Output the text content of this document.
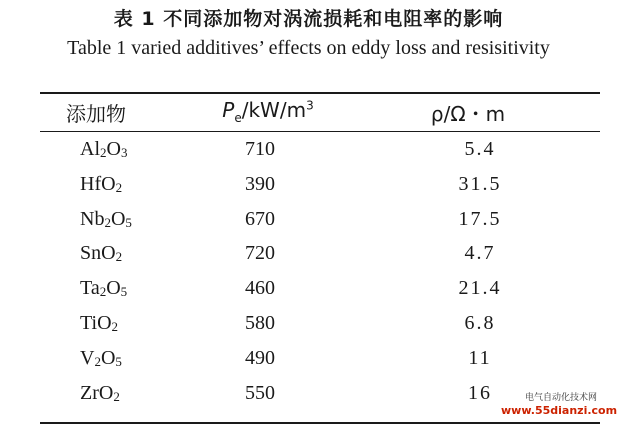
表 1 不同添加物对涡流损耗和电阻率的影响
Table 1 varied additives’ effects on eddy loss and resisitivity
添加物	$P_e/kW/m^3$	ρ/Ω・m
$Al_2O_3$	710	5.4
HfO$_2$	390	31.5
$Nb_2O_5$	670	17.5
SnO$_2$	720	4.7
$Ta_2O_5$	460	21.4
TiO$_2$	580	6.8
$V_2O_5$	490	11
ZrO$_2$	550	16	电气自动化技术网
www.55dianzi.com
